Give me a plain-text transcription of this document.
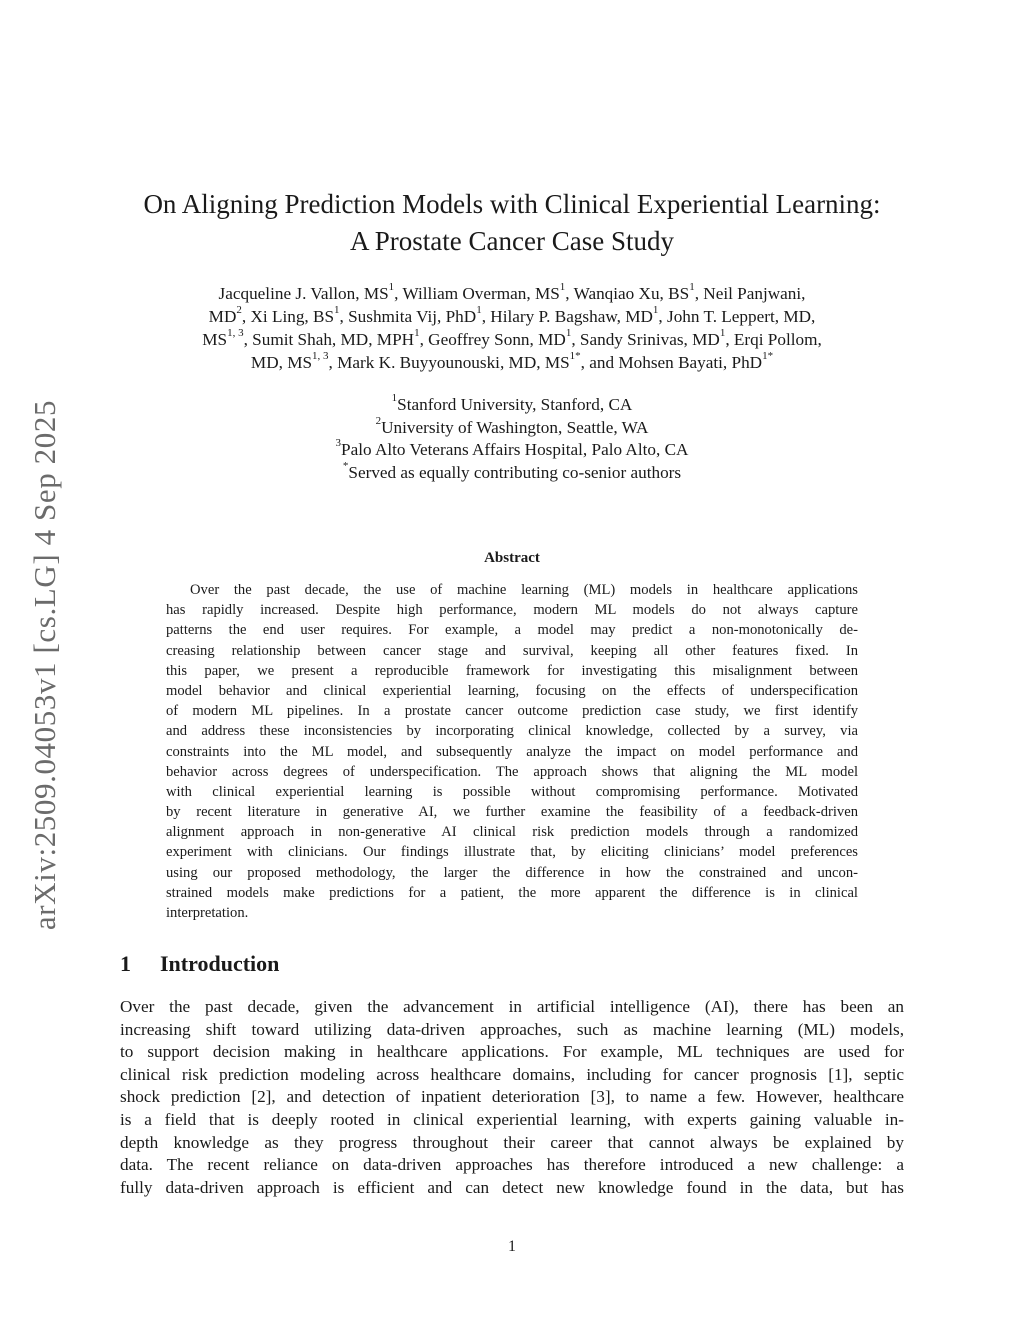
arXiv:2509.04053v1 [cs.LG] 4 Sep 2025
On Aligning Prediction Models with Clinical Experiential Learning:
A Prostate Cancer Case Study
Jacqueline J. Vallon, $MS^1$, William Overman, $MS^1$, Wanqiao Xu, $BS^1$, Neil Panjwani,
$MD^2$, Xi Ling, $BS^1$, Sushmita Vij, PhD$^1$, Hilary P. Bagshaw, $MD^1$, John T. Leppert, MD,
MS$^{1, 3}$, Sumit Shah, MD, MPH$^1$, Geoffrey Sonn, $MD^1$, Sandy Srinivas, $MD^1$, Erqi Pollom,
MD, MS$^{1, 3}$, Mark K. Buyyounouski, MD, $MS^{1*}$, and Mohsen Bayati, PhD$^{1*}$
$^1$Stanford University, Stanford, CA
$^2$University of Washington, Seattle, WA
$^3$Palo Alto Veterans Affairs Hospital, Palo Alto, CA
*Served as equally contributing co-senior authors
Abstract
Over the past decade, the use of machine learning (ML) models in healthcare applications
has rapidly increased. Despite high performance, modern ML models do not always capture
patterns the end user requires. For example, a model may predict a non-monotonically de-
creasing relationship between cancer stage and survival, keeping all other features fixed. In
this paper, we present a reproducible framework for investigating this misalignment between
model behavior and clinical experiential learning, focusing on the effects of underspecification
of modern ML pipelines. In a prostate cancer outcome prediction case study, we first identify
and address these inconsistencies by incorporating clinical knowledge, collected by a survey, via
constraints into the ML model, and subsequently analyze the impact on model performance and
behavior across degrees of underspecification. The approach shows that aligning the ML model
with clinical experiential learning is possible without compromising performance. Motivated
by recent literature in generative AI, we further examine the feasibility of a feedback-driven
alignment approach in non-generative AI clinical risk prediction models through a randomized
experiment with clinicians. Our findings illustrate that, by eliciting clinicians’ model preferences
using our proposed methodology, the larger the difference in how the constrained and uncon-
strained models make predictions for a patient, the more apparent the difference is in clinical
interpretation.
1 Introduction
Over the past decade, given the advancement in artificial intelligence (AI), there has been an
increasing shift toward utilizing data-driven approaches, such as machine learning (ML) models,
to support decision making in healthcare applications. For example, ML techniques are used for
clinical risk prediction modeling across healthcare domains, including for cancer prognosis [1], septic
shock prediction [2], and detection of inpatient deterioration [3], to name a few. However, healthcare
is a field that is deeply rooted in clinical experiential learning, with experts gaining valuable in-
depth knowledge as they progress throughout their career that cannot always be explained by
data. The recent reliance on data-driven approaches has therefore introduced a new challenge: a
fully data-driven approach is efficient and can detect new knowledge found in the data, but has
1
